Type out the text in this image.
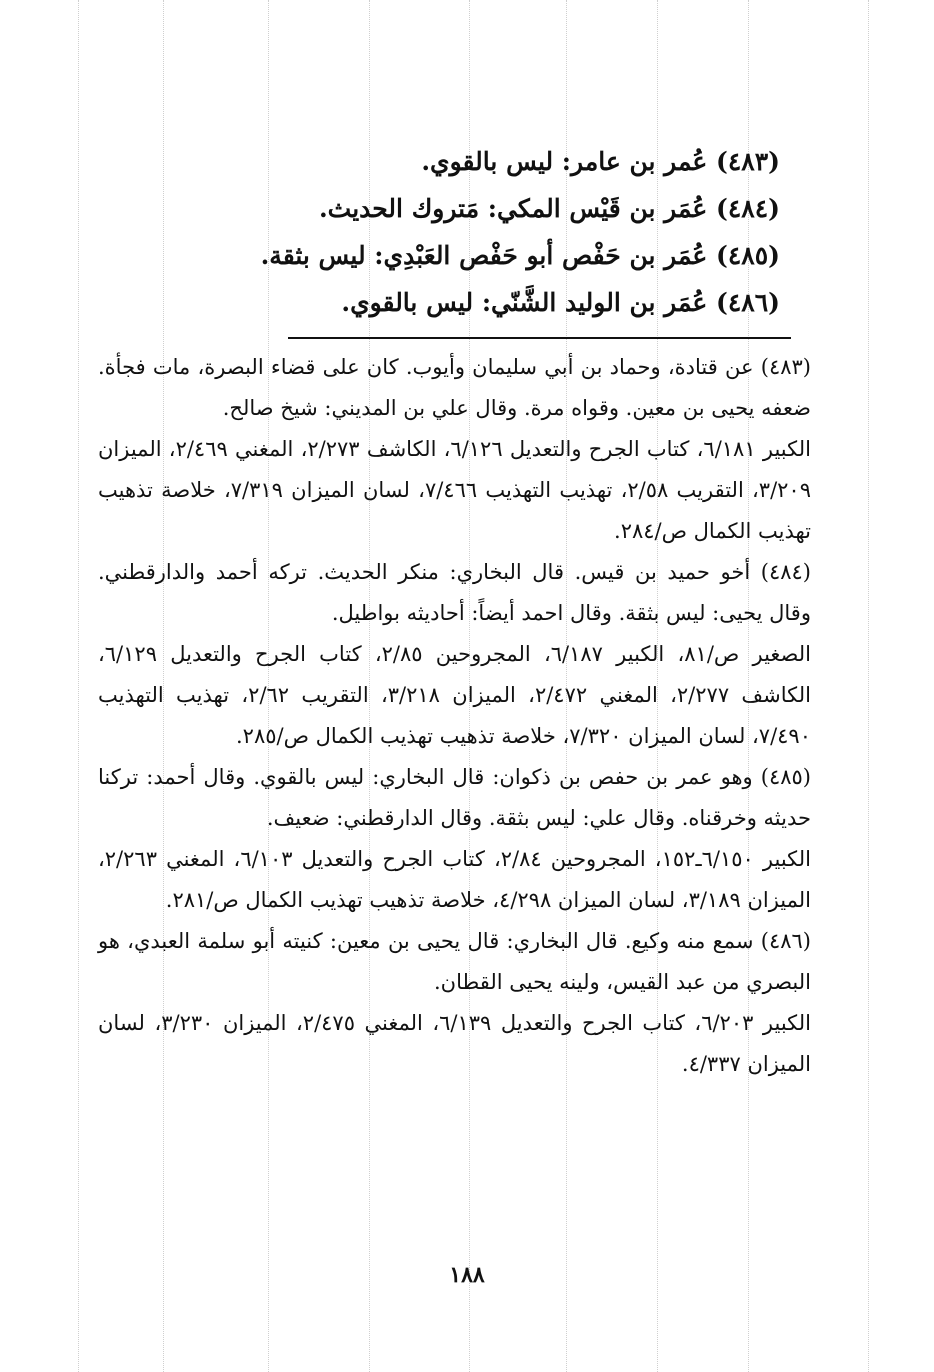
(٤٨٣) عُمر بن عامر: ليس بالقوي.
(٤٨٤) عُمَر بن قَيْس المكي: مَتروك الحديث.
(٤٨٥) عُمَر بن حَفْص أبو حَفْص العَبْدِي: ليس بثقة.
(٤٨٦) عُمَر بن الوليد الشَّنّي: ليس بالقوي.

(٤٨٣) عن قتادة، وحماد بن أبي سليمان وأيوب. كان على قضاء البصرة، مات فجأة. ضعفه يحيى بن معين. وقواه مرة. وقال علي بن المديني: شيخ صالح.

الكبير ٦/١٨١، كتاب الجرح والتعديل ٦/١٢٦، الكاشف ٢/٢٧٣، المغني ٢/٤٦٩، الميزان ٣/٢٠٩، التقريب ٢/٥٨، تهذيب التهذيب ٧/٤٦٦، لسان الميزان ٧/٣١٩، خلاصة تذهيب تهذيب الكمال ص/٢٨٤.

(٤٨٤) أخو حميد بن قيس. قال البخاري: منكر الحديث. تركه أحمد والدارقطني. وقال يحيى: ليس بثقة. وقال احمد أيضاً: أحاديثه بواطيل.

الصغير ص/٨١، الكبير ٦/١٨٧، المجروحين ٢/٨٥، كتاب الجرح والتعديل ٦/١٢٩، الكاشف ٢/٢٧٧، المغني ٢/٤٧٢، الميزان ٣/٢١٨، التقريب ٢/٦٢، تهذيب التهذيب ٧/٤٩٠، لسان الميزان ٧/٣٢٠، خلاصة تذهيب تهذيب الكمال ص/٢٨٥.

(٤٨٥) وهو عمر بن حفص بن ذكوان: قال البخاري: ليس بالقوي. وقال أحمد: تركنا حديثه وخرقناه. وقال علي: ليس بثقة. وقال الدارقطني: ضعيف.

الكبير ٦/١٥٠ـ١٥٢، المجروحين ٢/٨٤، كتاب الجرح والتعديل ٦/١٠٣، المغني ٢/٢٦٣، الميزان ٣/١٨٩، لسان الميزان ٤/٢٩٨، خلاصة تذهيب تهذيب الكمال ص/٢٨١.

(٤٨٦) سمع منه وكيع. قال البخاري: قال يحيى بن معين: كنيته أبو سلمة العبدي، هو البصري من عبد القيس، ولينه يحيى القطان.

الكبير ٦/٢٠٣، كتاب الجرح والتعديل ٦/١٣٩، المغني ٢/٤٧٥، الميزان ٣/٢٣٠، لسان الميزان ٤/٣٣٧.

١٨٨
